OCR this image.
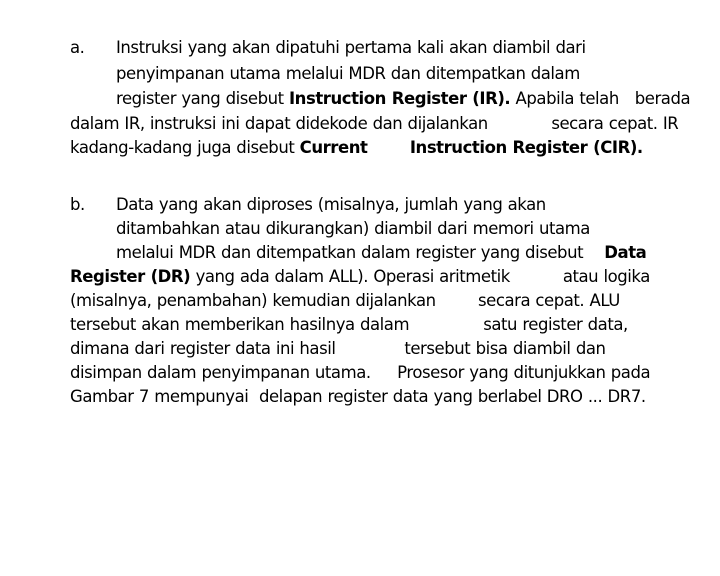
a. Instruksi yang akan dipatuhi pertama kali akan diambil dari
penyimpanan utama melalui MDR dan ditempatkan dalam
register yang disebut Instruction Register (IR). Apabila telah   berada
dalam IR, instruksi ini dapat didekode dan dijalankan            secara cepat. IR
kadang-kadang juga disebut Current	Instruction Register (CIR).
b. Data yang akan diproses (misalnya, jumlah yang akan
ditambahkan atau dikurangkan) diambil dari memori utama
melalui MDR dan ditempatkan dalam register yang disebut    Data
Register (DR) yang ada dalam ALL). Operasi aritmetik          atau logika
(misalnya, penambahan) kemudian dijalankan        secara cepat. ALU
tersebut akan memberikan hasilnya dalam              satu register data,
dimana dari register data ini hasil             tersebut bisa diambil dan
disimpan dalam penyimpanan utama.     Prosesor yang ditunjukkan pada
Gambar 7 mempunyai  delapan register data yang berlabel DRO ... DR7.
